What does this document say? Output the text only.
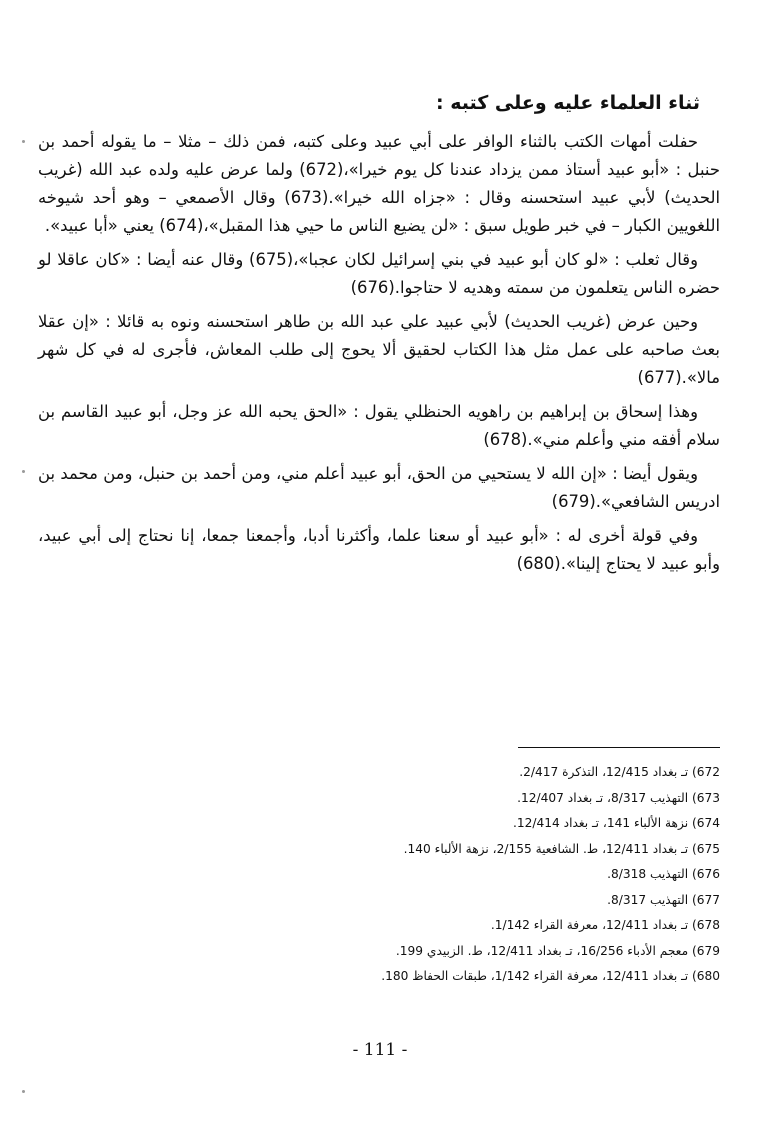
ثناء العلماء عليه وعلى كتبه :

حفلت أمهات الكتب بالثناء الوافر على أبي عبيد وعلى كتبه، فمن ذلك – مثلا – ما يقوله أحمد بن حنبل : «أبو عبيد أستاذ ممن يزداد عندنا كل يوم خيرا»،(672) ولما عرض عليه ولده عبد الله (غريب الحديث) لأبي عبيد استحسنه وقال : «جزاه الله خيرا».(673) وقال الأصمعي – وهو أحد شيوخه اللغويين الكبار – في خبر طويل سبق : «لن يضيع الناس ما حيي هذا المقبل»،(674) يعني «أبا عبيد».

وقال ثعلب : «لو كان أبو عبيد في بني إسرائيل لكان عجبا»،(675) وقال عنه أيضا : «كان عاقلا لو حضره الناس يتعلمون من سمته وهديه لا حتاجوا.(676)

وحين عرض (غريب الحديث) لأبي عبيد علي عبد الله بن طاهر استحسنه ونوه به قائلا : «إن عقلا بعث صاحبه على عمل مثل هذا الكتاب لحقيق ألا يحوج إلى طلب المعاش، فأجرى له في كل شهر مالا».(677)

وهذا إسحاق بن إبراهيم بن راهويه الحنظلي يقول : «الحق يحبه الله عز وجل، أبو عبيد القاسم بن سلام أفقه مني وأعلم مني».(678)

ويقول أيضا : «إن الله لا يستحيي من الحق، أبو عبيد أعلم مني، ومن أحمد بن حنبل، ومن محمد بن ادريس الشافعي».(679)

وفي قولة أخرى له : «أبو عبيد أو سعنا علما، وأكثرنا أدبا، وأجمعنا جمعا، إنا نحتاج إلى أبي عبيد، وأبو عبيد لا يحتاج إلينا».(680)

672) تـ بغداد 12/415، التذكرة 2/417.
673) التهذيب 8/317، تـ بغداد 12/407.
674) نزهة الألباء 141، تـ بغداد 12/414.
675) تـ بغداد 12/411، ط. الشافعية 2/155، نزهة الألباء 140.
676) التهذيب 8/318.
677) التهذيب 8/317.
678) تـ بغداد 12/411، معرفة القراء 1/142.
679) معجم الأدباء 16/256، تـ بغداد 12/411، ط. الزبيدي 199.
680) تـ بغداد 12/411، معرفة القراء 1/142، طبقات الحفاظ 180.
- 111 -
